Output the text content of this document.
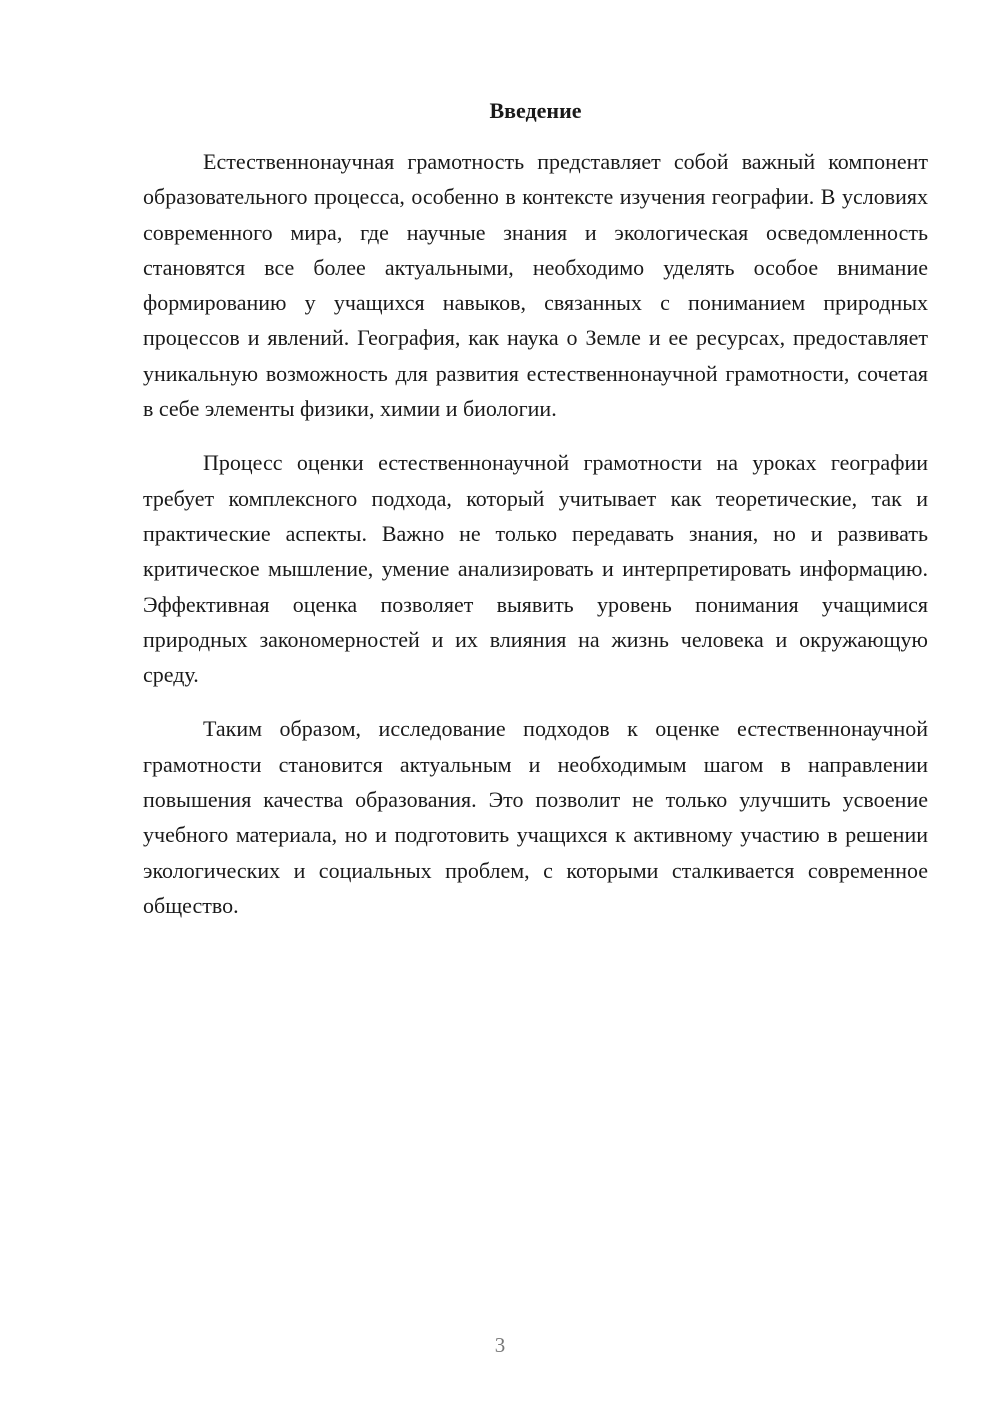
Введение

Естественнонаучная грамотность представляет собой важный компонент образовательного процесса, особенно в контексте изучения географии. В условиях современного мира, где научные знания и экологическая осведомленность становятся все более актуальными, необходимо уделять особое внимание формированию у учащихся навыков, связанных с пониманием природных процессов и явлений. География, как наука о Земле и ее ресурсах, предоставляет уникальную возможность для развития естественнонаучной грамотности, сочетая в себе элементы физики, химии и биологии.

Процесс оценки естественнонаучной грамотности на уроках географии требует комплексного подхода, который учитывает как теоретические, так и практические аспекты. Важно не только передавать знания, но и развивать критическое мышление, умение анализировать и интерпретировать информацию. Эффективная оценка позволяет выявить уровень понимания учащимися природных закономерностей и их влияния на жизнь человека и окружающую среду.

Таким образом, исследование подходов к оценке естественнонаучной грамотности становится актуальным и необходимым шагом в направлении повышения качества образования. Это позволит не только улучшить усвоение учебного материала, но и подготовить учащихся к активному участию в решении экологических и социальных проблем, с которыми сталкивается современное общество.

3
